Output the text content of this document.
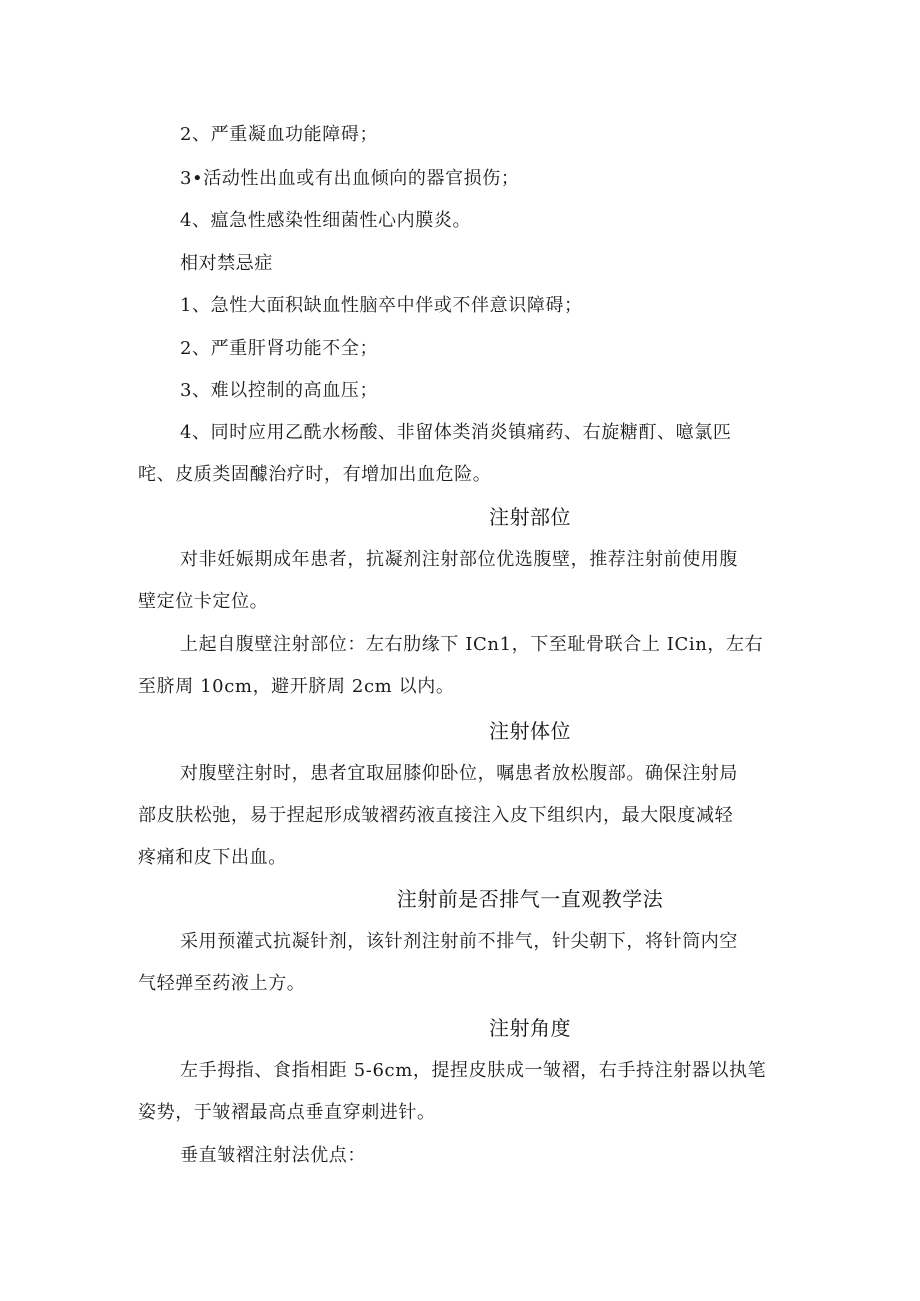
2、严重凝血功能障碍；
3•活动性出血或有出血倾向的器官损伤；
4、瘟急性感染性细菌性心内膜炎。
相对禁忌症
1、急性大面积缺血性脑卒中伴或不伴意识障碍；
2、严重肝肾功能不全；
3、难以控制的高血压；
4、同时应用乙酰水杨酸、非留体类消炎镇痛药、右旋糖酊、噫氯匹
咤、皮质类固醵治疗时，有增加出血危险。
注射部位
对非妊娠期成年患者，抗凝剂注射部位优选腹壁，推荐注射前使用腹
壁定位卡定位。
上起自腹壁注射部位：左右肋缘下 ICn1，下至耻骨联合上 ICin，左右
至脐周 10cm，避开脐周 2cm 以内。
注射体位
对腹壁注射时，患者宜取屈膝仰卧位，嘱患者放松腹部。确保注射局
部皮肤松弛，易于捏起形成皱褶药液直接注入皮下组织内，最大限度减轻
疼痛和皮下出血。
注射前是否排气一直观教学法
采用预灌式抗凝针剂，该针剂注射前不排气，针尖朝下，将针筒内空
气轻弹至药液上方。
注射角度
左手拇指、食指相距 5-6cm，提捏皮肤成一皱褶，右手持注射器以执笔
姿势，于皱褶最高点垂直穿刺进针。
垂直皱褶注射法优点：
